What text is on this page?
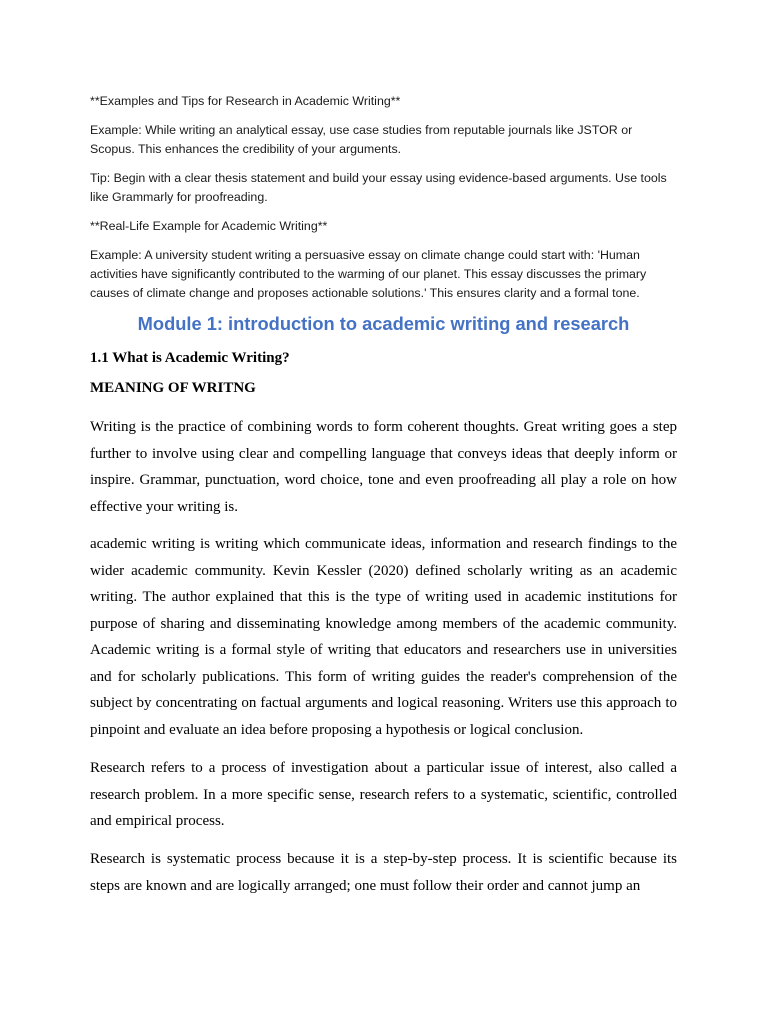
**Examples and Tips for Research in Academic Writing**

Example: While writing an analytical essay, use case studies from reputable journals like JSTOR or Scopus. This enhances the credibility of your arguments.

Tip: Begin with a clear thesis statement and build your essay using evidence-based arguments. Use tools like Grammarly for proofreading.

**Real-Life Example for Academic Writing**

Example: A university student writing a persuasive essay on climate change could start with: 'Human activities have significantly contributed to the warming of our planet. This essay discusses the primary causes of climate change and proposes actionable solutions.' This ensures clarity and a formal tone.

Module 1: introduction to academic writing and research

1.1 What is Academic Writing?

MEANING OF WRITNG

Writing is the practice of combining words to form coherent thoughts. Great writing goes a step further to involve using clear and compelling language that conveys ideas that deeply inform or inspire. Grammar, punctuation, word choice, tone and even proofreading all play a role on how effective your writing is.

academic writing is writing which communicate ideas, information and research findings to the wider academic community. Kevin Kessler (2020) defined scholarly writing as an academic writing. The author explained that this is the type of writing used in academic institutions for purpose of sharing and disseminating knowledge among members of the academic community. Academic writing is a formal style of writing that educators and researchers use in universities and for scholarly publications. This form of writing guides the reader's comprehension of the subject by concentrating on factual arguments and logical reasoning. Writers use this approach to pinpoint and evaluate an idea before proposing a hypothesis or logical conclusion.

Research refers to a process of investigation about a particular issue of interest, also called a research problem. In a more specific sense, research refers to a systematic, scientific, controlled and empirical process.

Research is systematic process because it is a step-by-step process. It is scientific because its steps are known and are logically arranged; one must follow their order and cannot jump an
